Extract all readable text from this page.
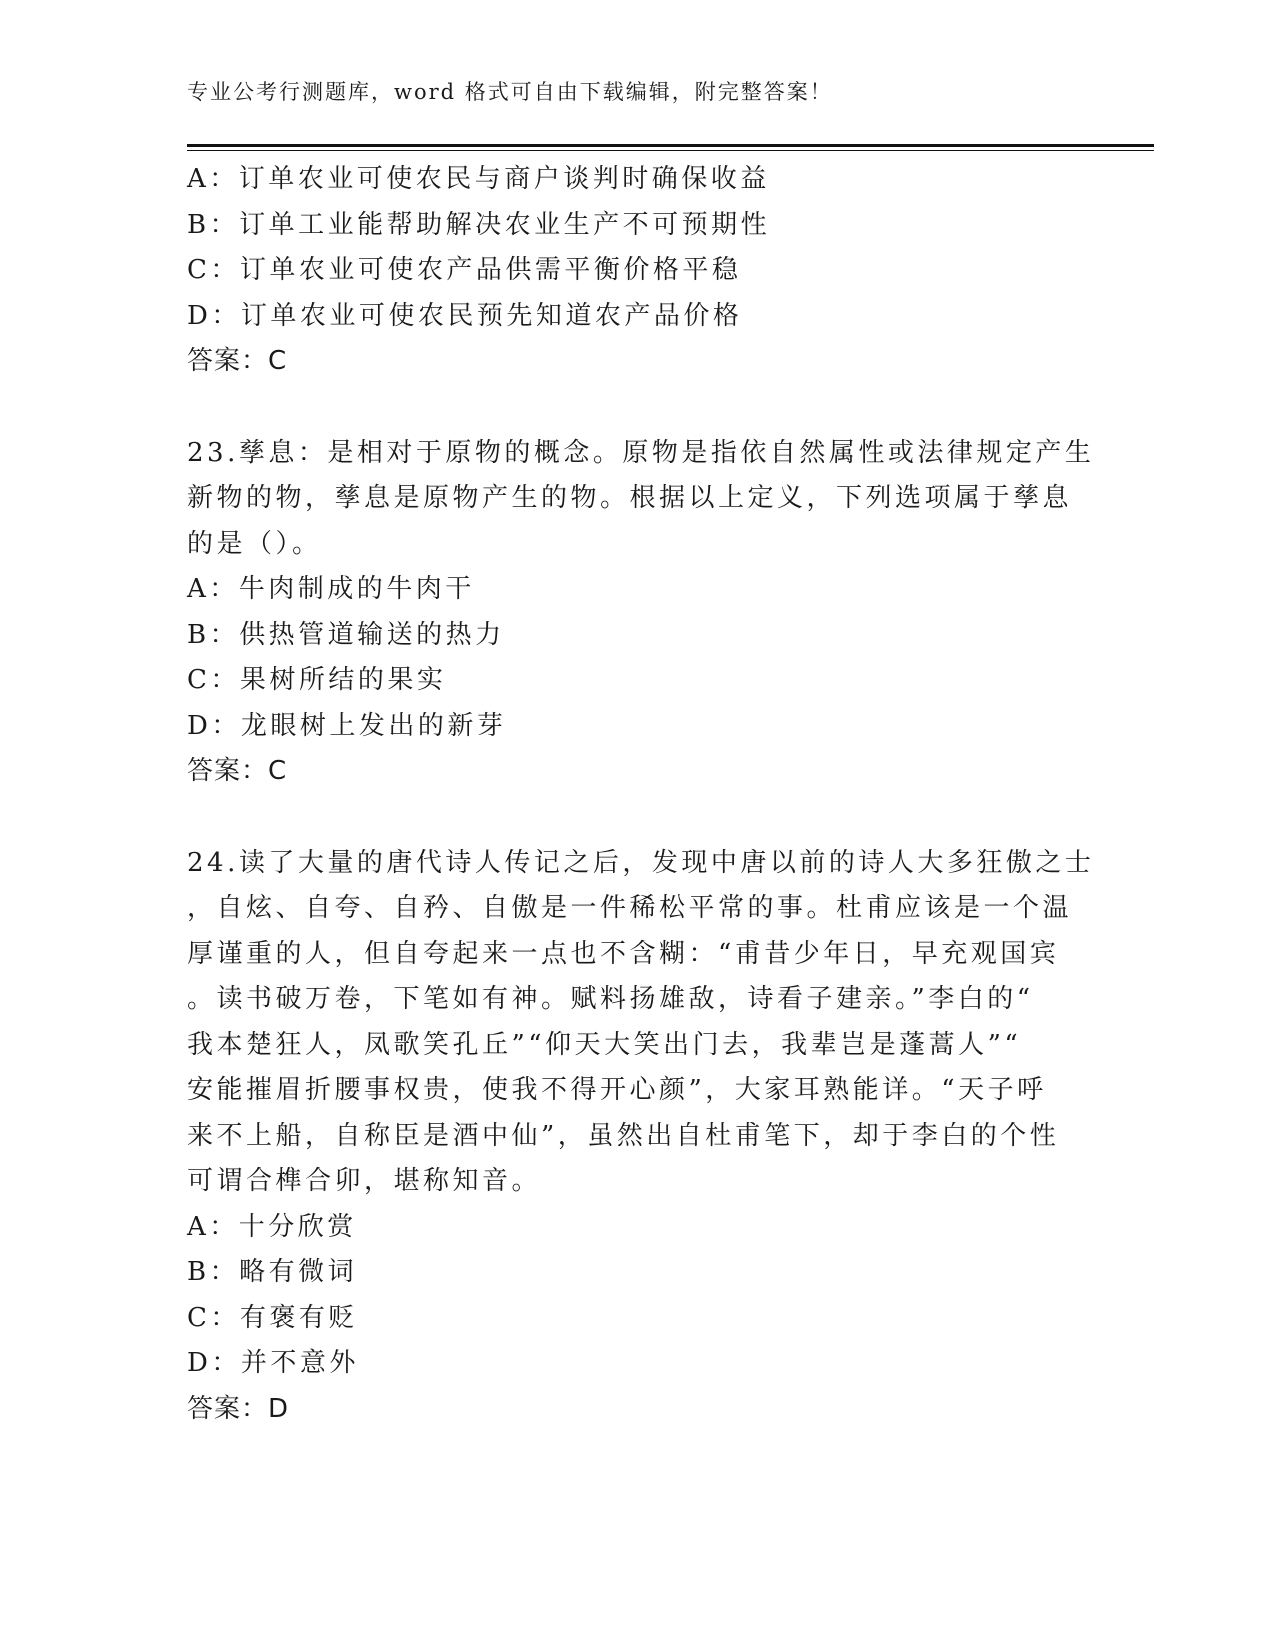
专业公考行测题库，word 格式可自由下载编辑，附完整答案！
A：订单农业可使农民与商户谈判时确保收益
B：订单工业能帮助解决农业生产不可预期性
C：订单农业可使农产品供需平衡价格平稳
D：订单农业可使农民预先知道农产品价格
答案：C
23.孳息：是相对于原物的概念。原物是指依自然属性或法律规定产生
新物的物，孳息是原物产生的物。根据以上定义，下列选项属于孳息
的是（）。
A：牛肉制成的牛肉干
B：供热管道输送的热力
C：果树所结的果实
D：龙眼树上发出的新芽
答案：C
24.读了大量的唐代诗人传记之后，发现中唐以前的诗人大多狂傲之士
，自炫、自夸、自矜、自傲是一件稀松平常的事。杜甫应该是一个温
厚谨重的人，但自夸起来一点也不含糊：“甫昔少年日，早充观国宾
。读书破万卷，下笔如有神。赋料扬雄敌，诗看子建亲。”李白的“
我本楚狂人，凤歌笑孔丘”“仰天大笑出门去，我辈岂是蓬蒿人”“
安能摧眉折腰事权贵，使我不得开心颜”，大家耳熟能详。“天子呼
来不上船，自称臣是酒中仙”，虽然出自杜甫笔下，却于李白的个性
可谓合榫合卯，堪称知音。
A：十分欣赏
B：略有微词
C：有褒有贬
D：并不意外
答案：D
